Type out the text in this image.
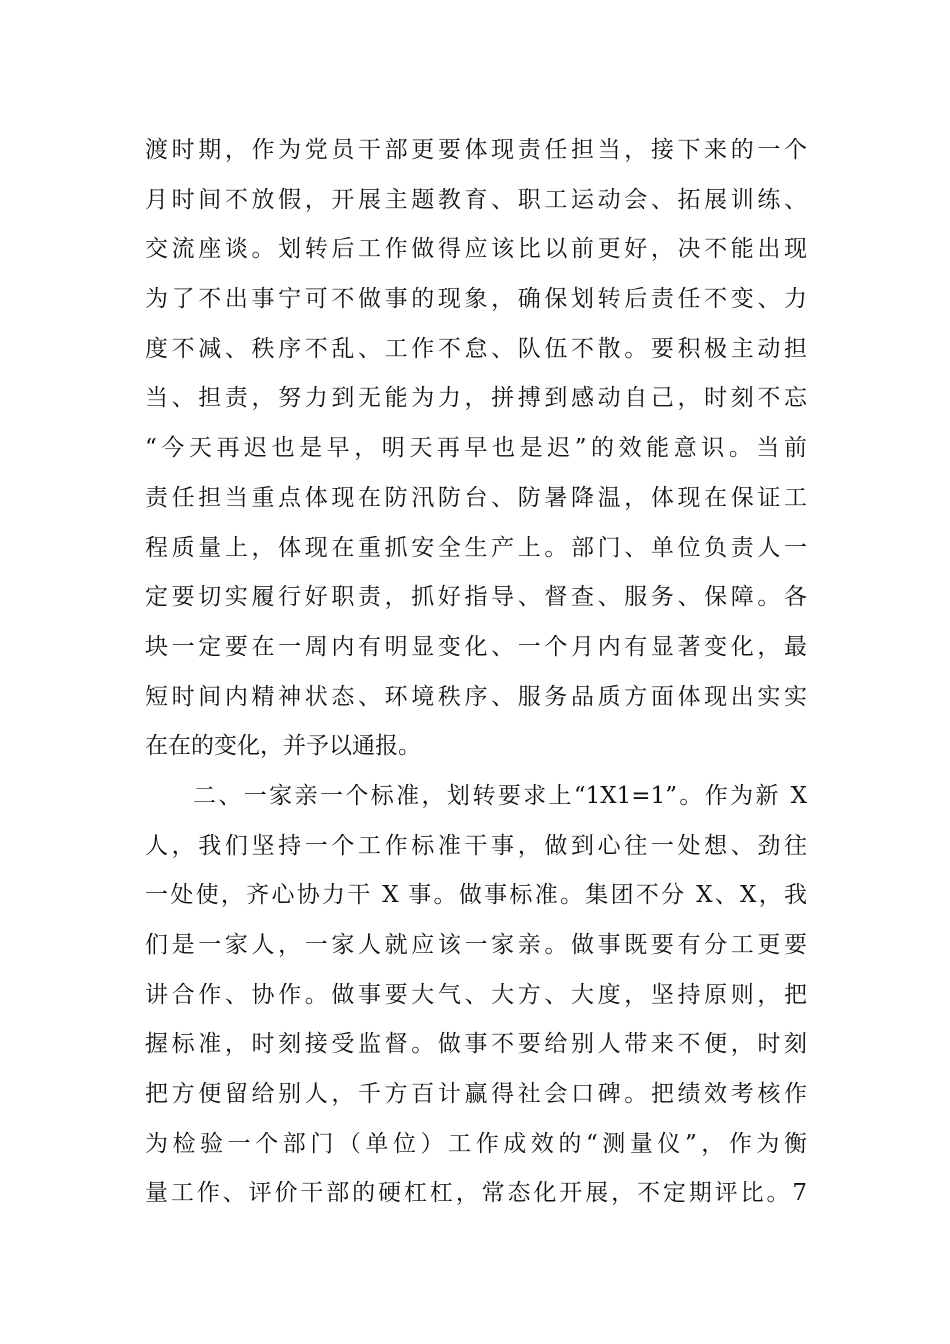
渡时期，作为党员干部更要体现责任担当，接下来的一个
月时间不放假，开展主题教育、职工运动会、拓展训练、
交流座谈。划转后工作做得应该比以前更好，决不能出现
为了不出事宁可不做事的现象，确保划转后责任不变、力
度不减、秩序不乱、工作不怠、队伍不散。要积极主动担
当、担责，努力到无能为力，拼搏到感动自己，时刻不忘
“今天再迟也是早，明天再早也是迟”的效能意识。当前
责任担当重点体现在防汛防台、防暑降温，体现在保证工
程质量上，体现在重抓安全生产上。部门、单位负责人一
定要切实履行好职责，抓好指导、督查、服务、保障。各
块一定要在一周内有明显变化、一个月内有显著变化，最
短时间内精神状态、环境秩序、服务品质方面体现出实实
在在的变化，并予以通报。
二、一家亲一个标准，划转要求上“1X1=1”。作为新 X
人，我们坚持一个工作标准干事，做到心往一处想、劲往
一处使，齐心协力干 X 事。做事标准。集团不分 X、X，我
们是一家人，一家人就应该一家亲。做事既要有分工更要
讲合作、协作。做事要大气、大方、大度，坚持原则，把
握标准，时刻接受监督。做事不要给别人带来不便，时刻
把方便留给别人，千方百计赢得社会口碑。把绩效考核作
为检验一个部门（单位）工作成效的“测量仪”，作为衡
量工作、评价干部的硬杠杠，常态化开展，不定期评比。7
